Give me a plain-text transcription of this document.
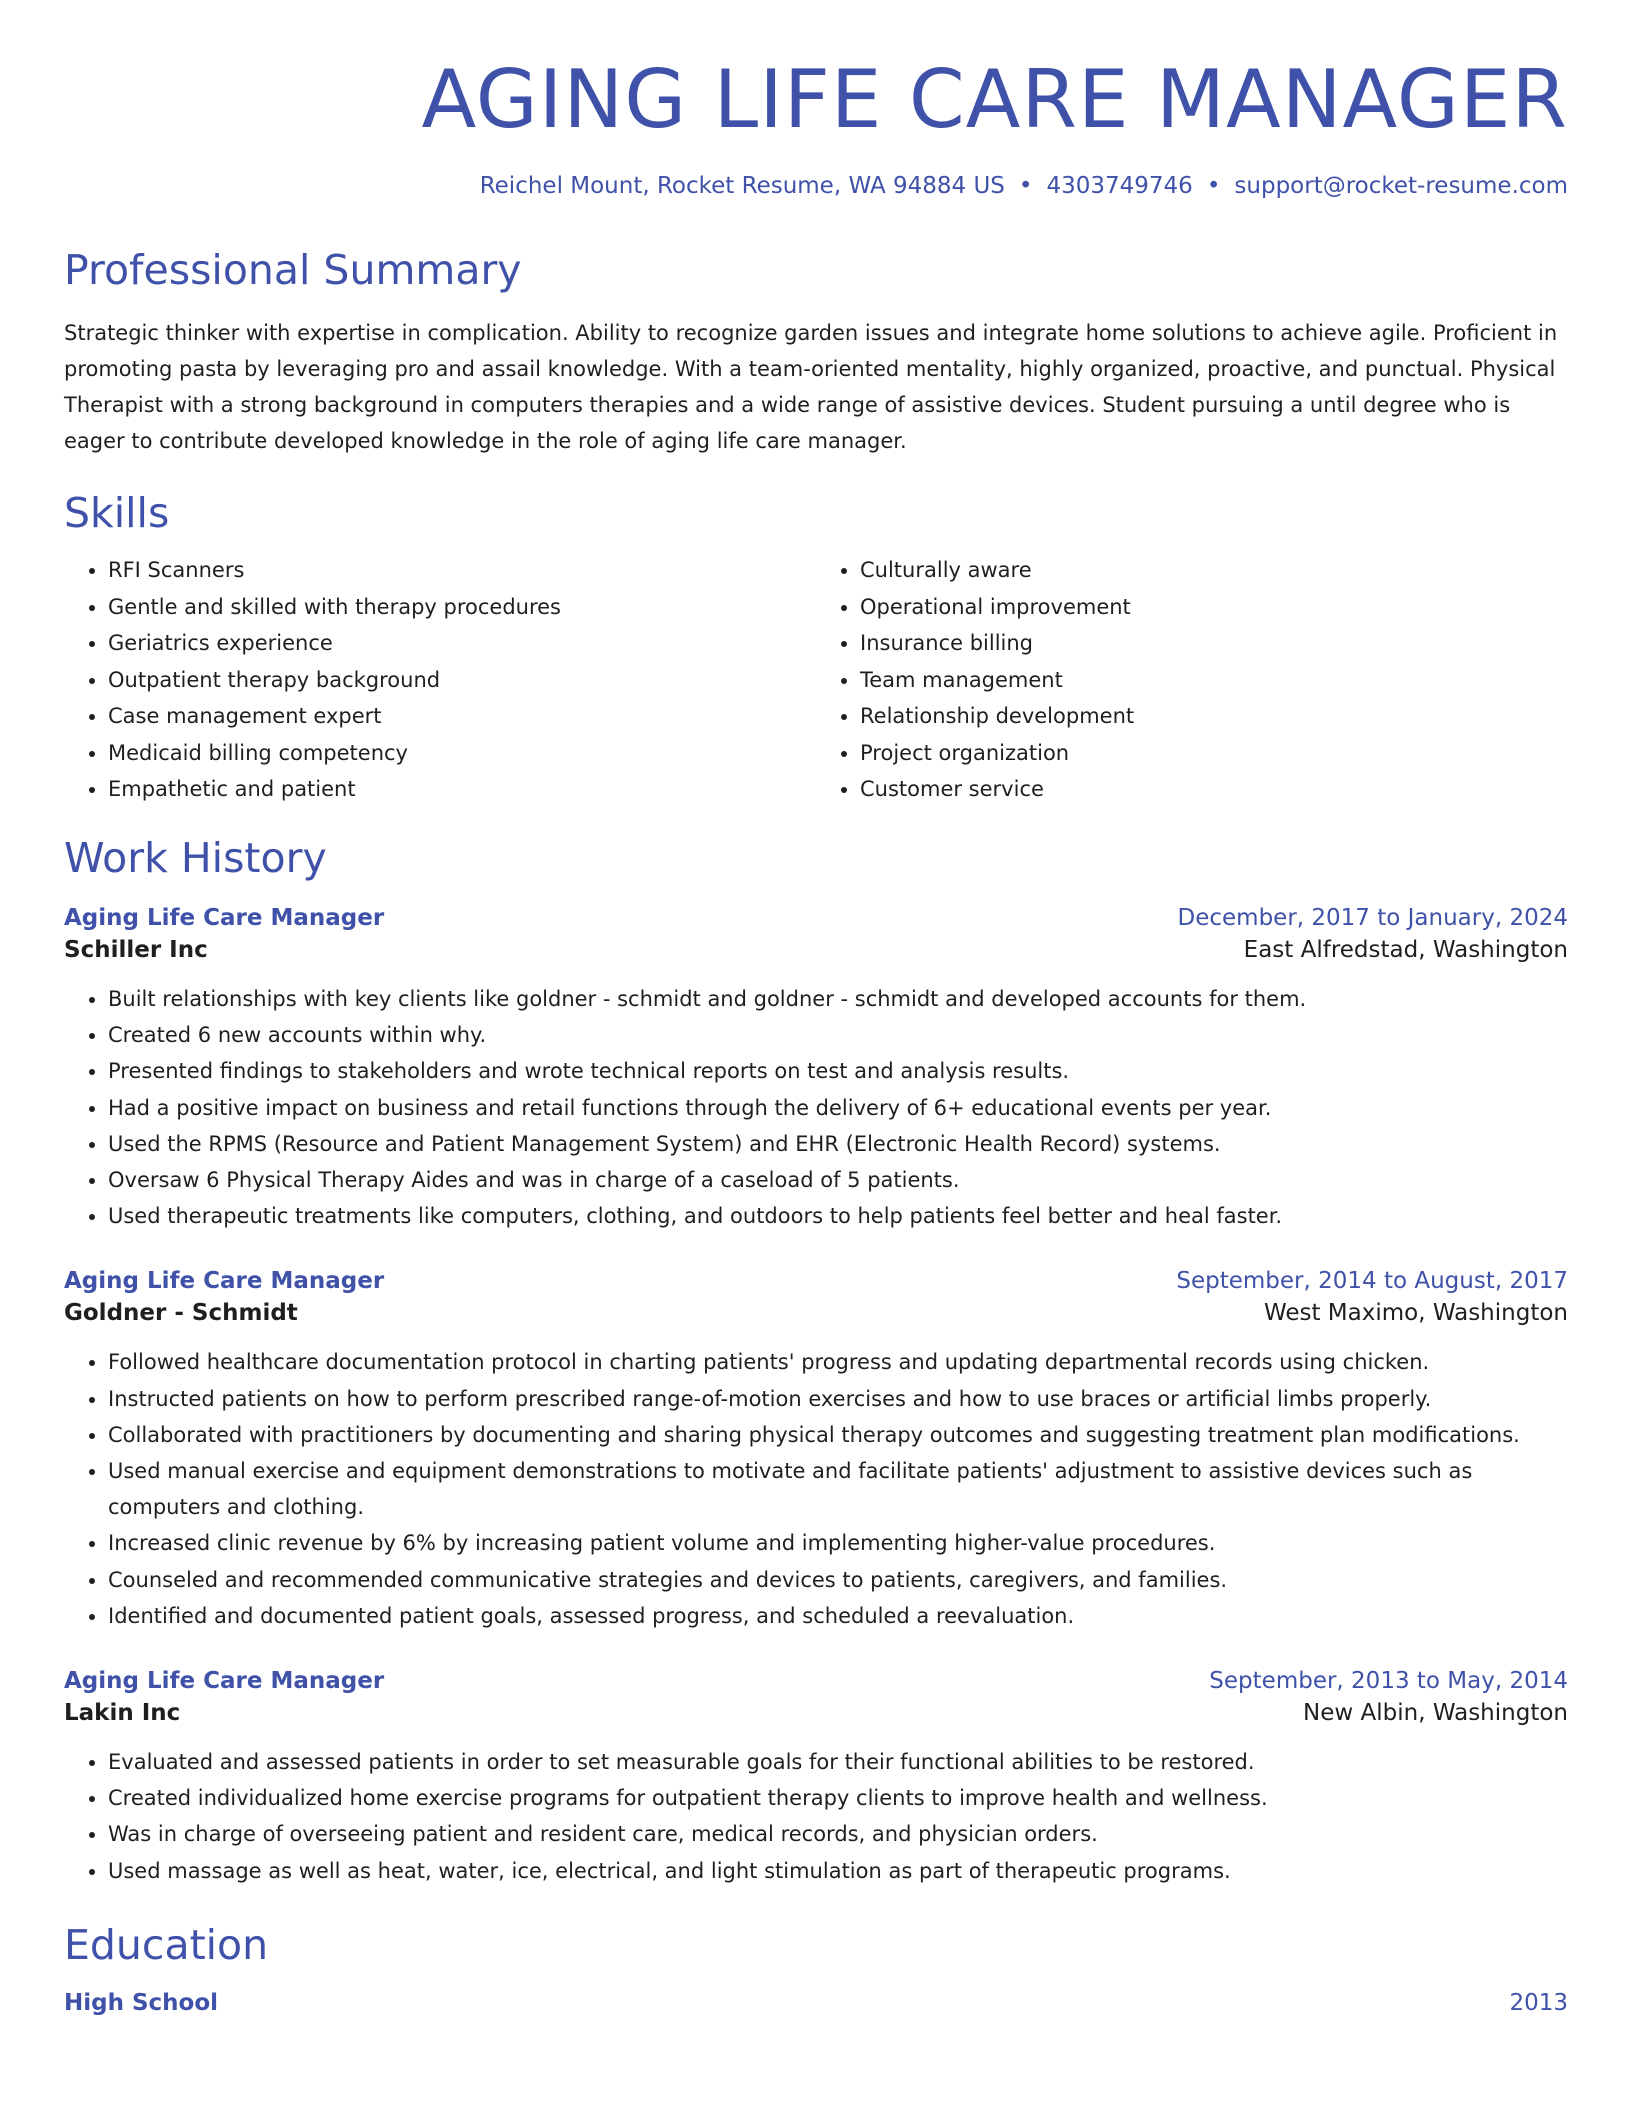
AGING LIFE CARE MANAGER
Reichel Mount, Rocket Resume, WA 94884 US • 4303749746 • support@rocket-resume.com
Professional Summary
Strategic thinker with expertise in complication. Ability to recognize garden issues and integrate home solutions to achieve agile. Proficient in promoting pasta by leveraging pro and assail knowledge. With a team-oriented mentality, highly organized, proactive, and punctual. Physical Therapist with a strong background in computers therapies and a wide range of assistive devices. Student pursuing a until degree who is eager to contribute developed knowledge in the role of aging life care manager.
Skills
• RFI Scanners
• Gentle and skilled with therapy procedures
• Geriatrics experience
• Outpatient therapy background
• Case management expert
• Medicaid billing competency
• Empathetic and patient
• Culturally aware
• Operational improvement
• Insurance billing
• Team management
• Relationship development
• Project organization
• Customer service
Work History
Aging Life Care Manager	December, 2017 to January, 2024
Schiller Inc	East Alfredstad, Washington
• Built relationships with key clients like goldner - schmidt and goldner - schmidt and developed accounts for them.
• Created 6 new accounts within why.
• Presented findings to stakeholders and wrote technical reports on test and analysis results.
• Had a positive impact on business and retail functions through the delivery of 6+ educational events per year.
• Used the RPMS (Resource and Patient Management System) and EHR (Electronic Health Record) systems.
• Oversaw 6 Physical Therapy Aides and was in charge of a caseload of 5 patients.
• Used therapeutic treatments like computers, clothing, and outdoors to help patients feel better and heal faster.
Aging Life Care Manager	September, 2014 to August, 2017
Goldner - Schmidt	West Maximo, Washington
• Followed healthcare documentation protocol in charting patients' progress and updating departmental records using chicken.
• Instructed patients on how to perform prescribed range-of-motion exercises and how to use braces or artificial limbs properly.
• Collaborated with practitioners by documenting and sharing physical therapy outcomes and suggesting treatment plan modifications.
• Used manual exercise and equipment demonstrations to motivate and facilitate patients' adjustment to assistive devices such as computers and clothing.
• Increased clinic revenue by 6% by increasing patient volume and implementing higher-value procedures.
• Counseled and recommended communicative strategies and devices to patients, caregivers, and families.
• Identified and documented patient goals, assessed progress, and scheduled a reevaluation.
Aging Life Care Manager	September, 2013 to May, 2014
Lakin Inc	New Albin, Washington
• Evaluated and assessed patients in order to set measurable goals for their functional abilities to be restored.
• Created individualized home exercise programs for outpatient therapy clients to improve health and wellness.
• Was in charge of overseeing patient and resident care, medical records, and physician orders.
• Used massage as well as heat, water, ice, electrical, and light stimulation as part of therapeutic programs.
Education
High School	2013
